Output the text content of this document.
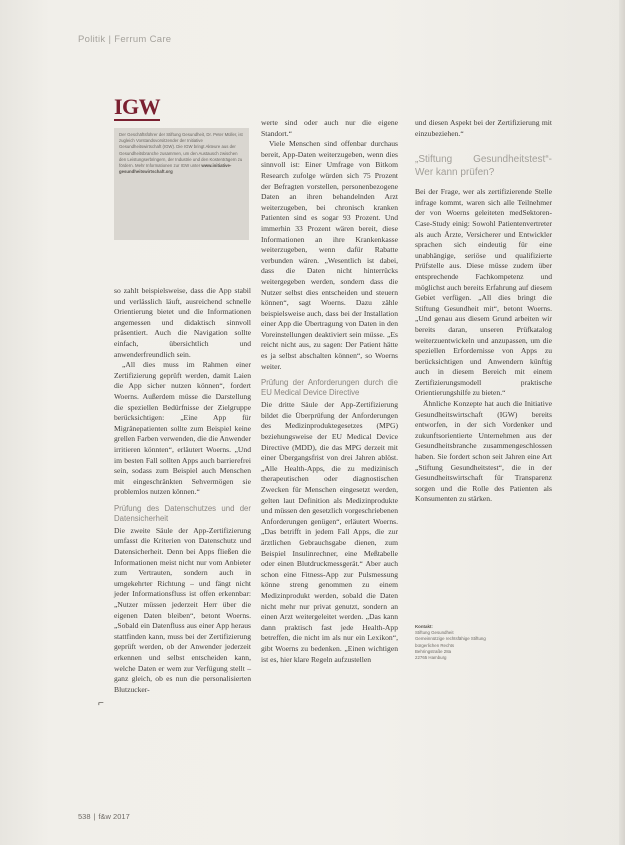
Politik | Ferrum Care
IGW
Der Geschäftsführer der Stiftung Gesundheit, Dr. Peter Müller, ist zugleich Vorstandsvorsitzender der Initiative Gesundheitswirtschaft (IGW). Die IGW bringt Akteure aus der Gesundheitsbranche zusammen, um den Austausch zwischen den Leistungserbringern, der Industrie und den Kostenträgern zu fördern. Mehr Informationen zur IGW unter www.initiative-gesundheitswirtschaft.org

so zahlt beispielsweise, dass die App stabil und verlässlich läuft, ausreichend schnelle Orientierung bietet und die Informationen angemessen und didaktisch sinnvoll präsentiert. Auch die Navigation sollte einfach, übersichtlich und anwenderfreundlich sein.

„All dies muss im Rahmen einer Zertifizierung geprüft werden, damit Laien die App sicher nutzen können“, fordert Woerns. Außerdem müsse die Darstellung die speziellen Bedürfnisse der Zielgruppe berücksichtigen: „Eine App für Migränepatienten sollte zum Beispiel keine grellen Farben verwenden, die die Anwender irritieren könnten“, erläutert Woerns. „Und im besten Fall sollten Apps auch barrierefrei sein, sodass zum Beispiel auch Menschen mit eingeschränkten Sehvermögen sie problemlos nutzen können.“

Prüfung des Datenschutzes und der Datensicherheit

Die zweite Säule der App-Zertifizierung umfasst die Kriterien von Datenschutz und Datensicherheit. Denn bei Apps fließen die Informationen meist nicht nur vom Anbieter zum Vertrauten, sondern auch in umgekehrter Richtung – und fängt nicht jeder Informationsfluss ist offen erkennbar: „Nutzer müssen jederzeit Herr über die eigenen Daten bleiben“, betont Woerns. „Sobald ein Datenfluss aus einer App heraus stattfinden kann, muss bei der Zertifizierung geprüft werden, ob der Anwender jederzeit erkennen und selbst entscheiden kann, welche Daten er wem zur Verfügung stellt – ganz gleich, ob es nun die personalisierten Blutzucker-

werte sind oder auch nur die eigene Standort.“

Viele Menschen sind offenbar durchaus bereit, App-Daten weiterzugeben, wenn dies sinnvoll ist: Einer Umfrage von Bitkom Research zufolge würden sich 75 Prozent der Befragten vorstellen, personenbezogene Daten an ihren behandelnden Arzt weiterzugeben, bei chronisch kranken Patienten sind es sogar 93 Prozent. Und immerhin 33 Prozent wären bereit, diese Informationen an ihre Krankenkasse weiterzugeben, wenn dafür Rabatte verbunden wären. „Wesentlich ist dabei, dass die Daten nicht hinterrücks weitergegeben werden, sondern dass die Nutzer selbst dies entscheiden und steuern können“, sagt Woerns. Dazu zähle beispielsweise auch, dass bei der Installation einer App die Übertragung von Daten in den Voreinstellungen deaktiviert sein müsse. „Es reicht nicht aus, zu sagen: Der Patient hätte es ja selbst abschalten können“, so Woerns weiter.

Prüfung der Anforderungen durch die EU Medical Device Directive

Die dritte Säule der App-Zertifizierung bildet die Überprüfung der Anforderungen des Medizinproduktegesetzes (MPG) beziehungsweise der EU Medical Device Directive (MDD), die das MPG derzeit mit einer Übergangsfrist von drei Jahren ablöst. „Alle Health-Apps, die zu medizinisch therapeutischen oder diagnostischen Zwecken für Menschen eingesetzt werden, gelten laut Definition als Medizinprodukte und müssen den gesetzlich vorgeschriebenen Anforderungen genügen“, erläutert Woerns. „Das betrifft in jedem Fall Apps, die zur ärztlichen Gebrauchsgabe dienen, zum Beispiel Insulinrechner, eine Meßtabelle oder einen Blutdruckmessgerät.“ Aber auch schon eine Fitness-App zur Pulsmessung könne streng genommen zu einem Medizinprodukt werden, sobald die Daten nicht mehr nur privat genutzt, sondern an einen Arzt weitergeleitet werden. „Das kann dann praktisch fast jede Health-App betreffen, die nicht im als nur ein Lexikon“, gibt Woerns zu bedenken. „Einen wichtigen ist es, hier klare Regeln aufzustellen

und diesen Aspekt bei der Zertifizierung mit einzubeziehen.“

„Stiftung Gesundheitstest“- Wer kann prüfen?

Bei der Frage, wer als zertifizierende Stelle infrage kommt, waren sich alle Teilnehmer der von Woerns geleiteten medSektoren-Case-Study einig: Sowohl Patientenvertreter als auch Ärzte, Versicherer und Entwickler sprachen sich eindeutig für eine unabhängige, seriöse und qualifizierte Prüfstelle aus. Diese müsse zudem über entsprechende Fachkompetenz und möglichst auch bereits Erfahrung auf diesem Gebiet verfügen. „All dies bringt die Stiftung Gesundheit mit“, betont Woerns. „Und genau aus diesem Grund arbeiten wir bereits daran, unseren Prüfkatalog weiterzuentwickeln und anzupassen, um die speziellen Erfordernisse von Apps zu berücksichtigen und Anwendern künftig auch in diesem Bereich mit einem Zertifizierungsmodell praktische Orientierungshilfe zu bieten.“

Ähnliche Konzepte hat auch die Initiative Gesundheitswirtschaft (IGW) bereits entworfen, in der sich Vordenker und zukunftsorientierte Unternehmen aus der Gesundheitsbranche zusammengeschlossen haben. Sie fordert schon seit Jahren eine Art „Stiftung Gesundheitstest“, die in der Gesundheitswirtschaft für Transparenz sorgen und die Rolle des Patienten als Konsumenten zu stärken.

Kontakt:
Stiftung Gesundheit
Gemeinnützige rechtsfähige Stiftung
bürgerlichen Rechts
Behringstraße 28a
22765 Hamburg
⌐
538 | f&w 2017
